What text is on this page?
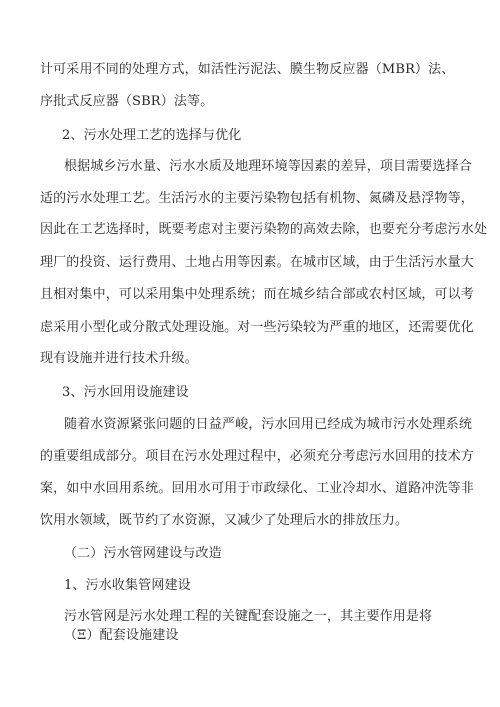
计可采用不同的处理方式，如活性污泥法、膜生物反应器（MBR）法、
序批式反应器（SBR）法等。
2、污水处理工艺的选择与优化
根据城乡污水量、污水水质及地理环境等因素的差异，项目需要选择合
适的污水处理工艺。生活污水的主要污染物包括有机物、氮磷及悬浮物等，
因此在工艺选择时，既要考虑对主要污染物的高效去除，也要充分考虑污水处
理厂的投资、运行费用、土地占用等因素。在城市区域，由于生活污水量大
且相对集中，可以采用集中处理系统；而在城乡结合部或农村区域，可以考
虑采用小型化或分散式处理设施。对一些污染较为严重的地区，还需要优化
现有设施并进行技术升级。
3、污水回用设施建设
随着水资源紧张问题的日益严峻，污水回用已经成为城市污水处理系统
的重要组成部分。项目在污水处理过程中，必须充分考虑污水回用的技术方
案，如中水回用系统。回用水可用于市政绿化、工业冷却水、道路冲洗等非
饮用水领域，既节约了水资源，又减少了处理后水的排放压力。
（二）污水管网建设与改造
1、污水收集管网建设
污水管网是污水处理工程的关键配套设施之一，其主要作用是将
（Ξ）配套设施建设
